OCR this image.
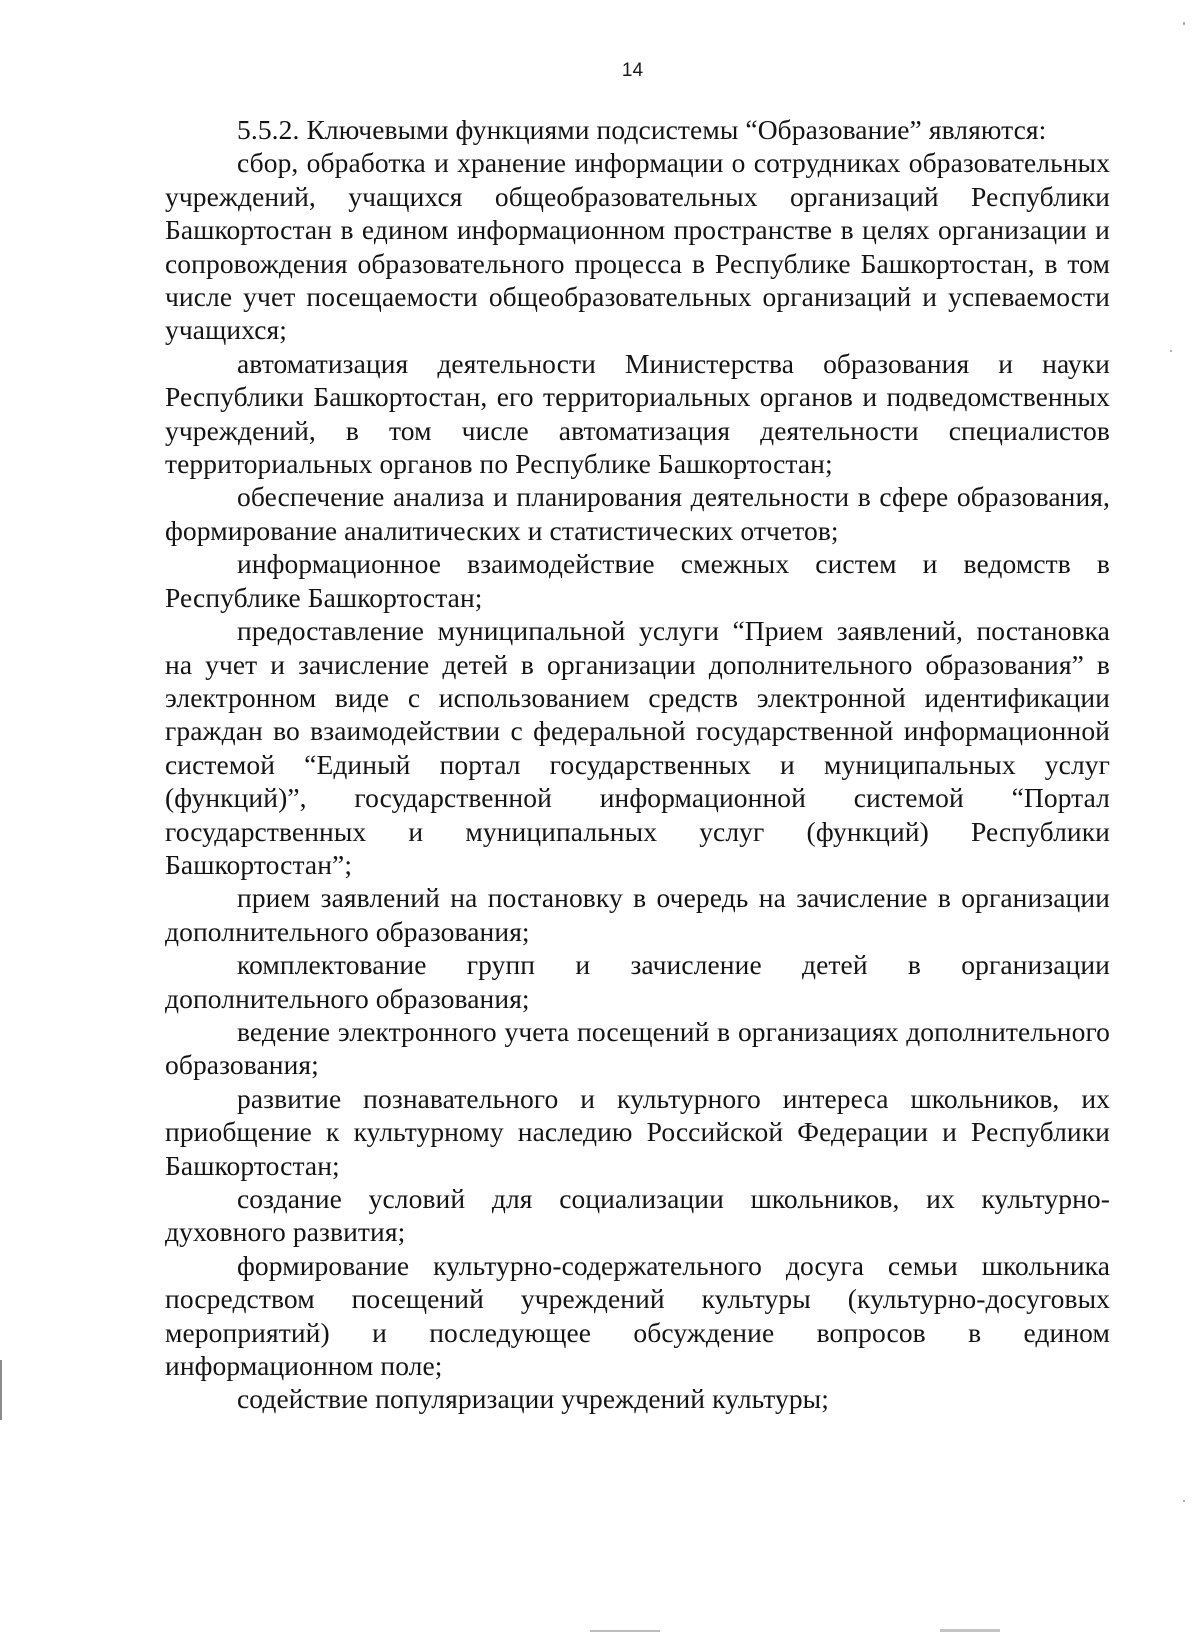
14

5.5.2. Ключевыми функциями подсистемы “Образование” являются:

сбор, обработка и хранение информации о сотрудниках образовательных учреждений, учащихся общеобразовательных организаций Республики Башкортостан в едином информационном пространстве в целях организации и сопровождения образовательного процесса в Республике Башкортостан, в том числе учет посещаемости общеобразовательных организаций и успеваемости учащихся;

автоматизация деятельности Министерства образования и науки Республики Башкортостан, его территориальных органов и подведомственных учреждений, в том числе автоматизация деятельности специалистов территориальных органов по Республике Башкортостан;

обеспечение анализа и планирования деятельности в сфере образования, формирование аналитических и статистических отчетов;

информационное взаимодействие смежных систем и ведомств в Республике Башкортостан;

предоставление муниципальной услуги “Прием заявлений, постановка на учет и зачисление детей в организации дополнительного образования” в электронном виде с использованием средств электронной идентификации граждан во взаимодействии с федеральной государственной информационной системой “Единый портал государственных и муниципальных услуг (функций)”, государственной информационной системой “Портал государственных и муниципальных услуг (функций) Республики Башкортостан”;

прием заявлений на постановку в очередь на зачисление в организации дополнительного образования;

комплектование групп и зачисление детей в организации дополнительного образования;

ведение электронного учета посещений в организациях дополнительного образования;

развитие познавательного и культурного интереса школьников, их приобщение к культурному наследию Российской Федерации и Республики Башкортостан;

создание условий для социализации школьников, их культурно-духовного развития;

формирование культурно-содержательного досуга семьи школьника посредством посещений учреждений культуры (культурно-досуговых мероприятий) и последующее обсуждение вопросов в едином информационном поле;

содействие популяризации учреждений культуры;
